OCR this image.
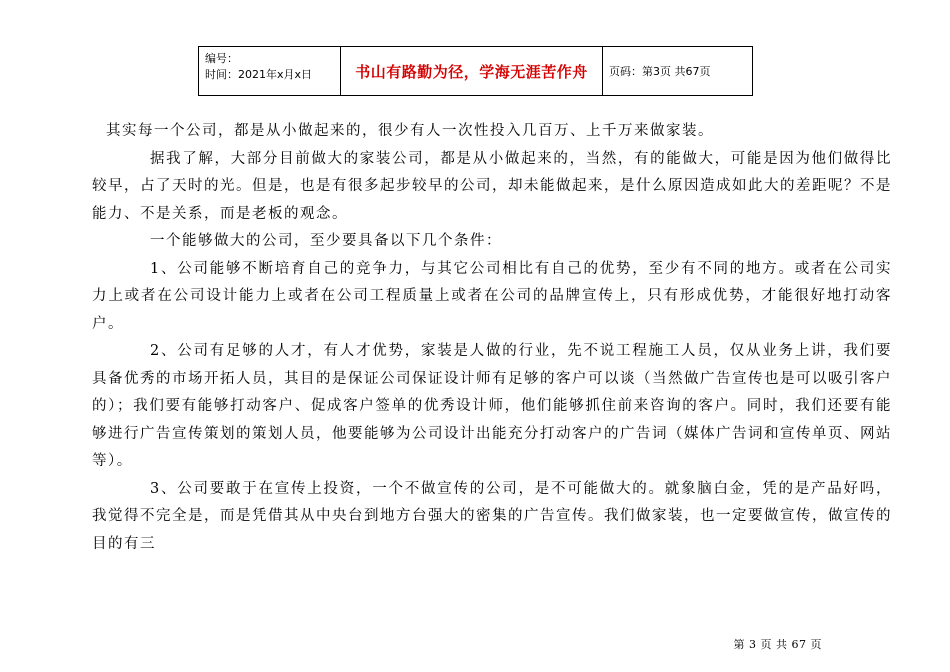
编号：
时间：2021年x月x日	书山有路勤为径，学海无涯苦作舟 页码：第3页 共67页

其实每一个公司，都是从小做起来的，很少有人一次性投入几百万、上千万来做家装。

据我了解，大部分目前做大的家装公司，都是从小做起来的，当然，有的能做大，可能是因为他们做得比较早，占了天时的光。但是，也是有很多起步较早的公司，却未能做起来，是什么原因造成如此大的差距呢？不是能力、不是关系，而是老板的观念。

一个能够做大的公司，至少要具备以下几个条件：

1、公司能够不断培育自己的竞争力，与其它公司相比有自己的优势，至少有不同的地方。或者在公司实力上或者在公司设计能力上或者在公司工程质量上或者在公司的品牌宣传上，只有形成优势，才能很好地打动客户。

2、公司有足够的人才，有人才优势，家装是人做的行业，先不说工程施工人员，仅从业务上讲，我们要具备优秀的市场开拓人员，其目的是保证公司保证设计师有足够的客户可以谈（当然做广告宣传也是可以吸引客户的）；我们要有能够打动客户、促成客户签单的优秀设计师，他们能够抓住前来咨询的客户。同时，我们还要有能够进行广告宣传策划的策划人员，他要能够为公司设计出能充分打动客户的广告词（媒体广告词和宣传单页、网站等）。

3、公司要敢于在宣传上投资，一个不做宣传的公司，是不可能做大的。就象脑白金，凭的是产品好吗，我觉得不完全是，而是凭借其从中央台到地方台强大的密集的广告宣传。我们做家装，也一定要做宣传，做宣传的目的有三

第 3 页 共 67 页
